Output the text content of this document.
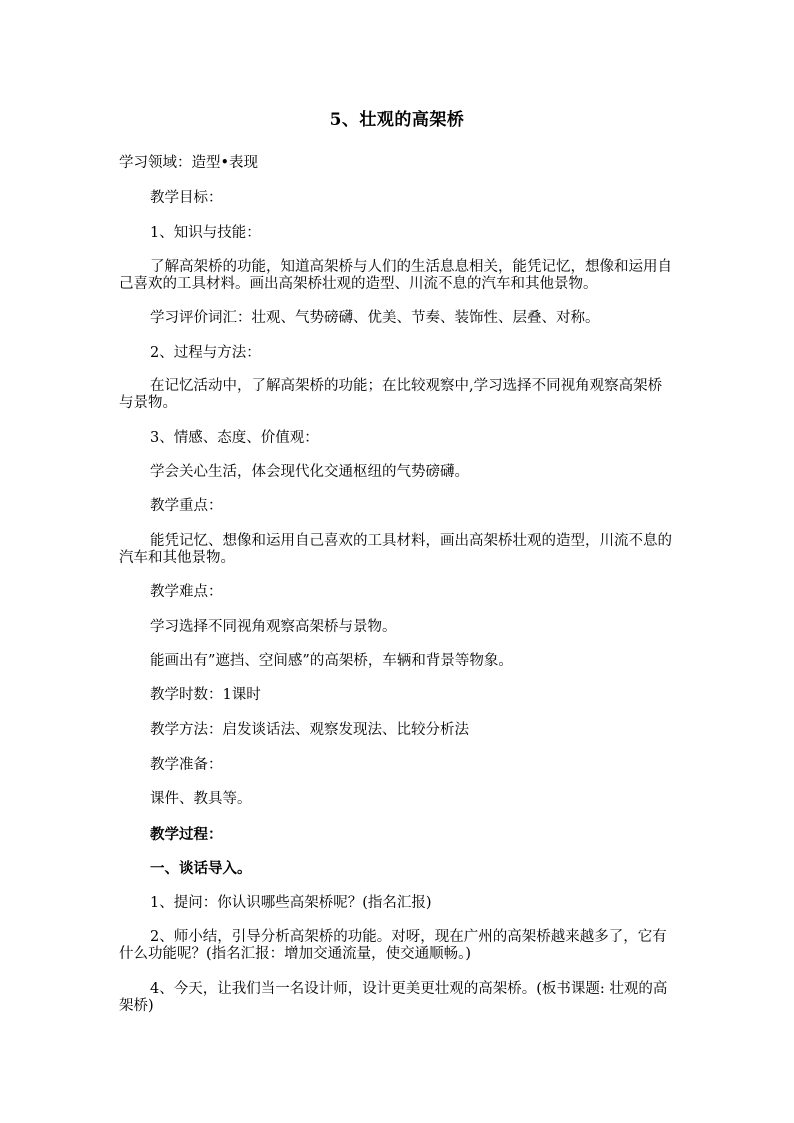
5、壮观的高架桥
学习领域：造型•表现
教学目标：
1、知识与技能：
了解高架桥的功能，知道高架桥与人们的生活息息相关，能凭记忆，想像和运用自己喜欢的工具材料。画出高架桥壮观的造型、川流不息的汽车和其他景物。
学习评价词汇：壮观、气势磅礴、优美、节奏、装饰性、层叠、对称。
2、过程与方法：
在记忆活动中，了解高架桥的功能；在比较观察中,学习选择不同视角观察高架桥与景物。
3、情感、态度、价值观：
学会关心生活，体会现代化交通枢纽的气势磅礴。
教学重点：
能凭记忆、想像和运用自己喜欢的工具材料，画出高架桥壮观的造型，川流不息的汽车和其他景物。
教学难点：
学习选择不同视角观察高架桥与景物。
能画出有”遮挡、空间感”的高架桥，车辆和背景等物象。
教学时数：1课时
教学方法：启发谈话法、观察发现法、比较分析法
教学准备：
课件、教具等。
教学过程：
一、谈话导入。
1、提问：你认识哪些高架桥呢？(指名汇报)
2、师小结，引导分析高架桥的功能。对呀，现在广州的高架桥越来越多了，它有什么功能呢？(指名汇报：增加交通流量，使交通顺畅。)
4、今天，让我们当一名设计师，设计更美更壮观的高架桥。(板书课题: 壮观的高架桥)
